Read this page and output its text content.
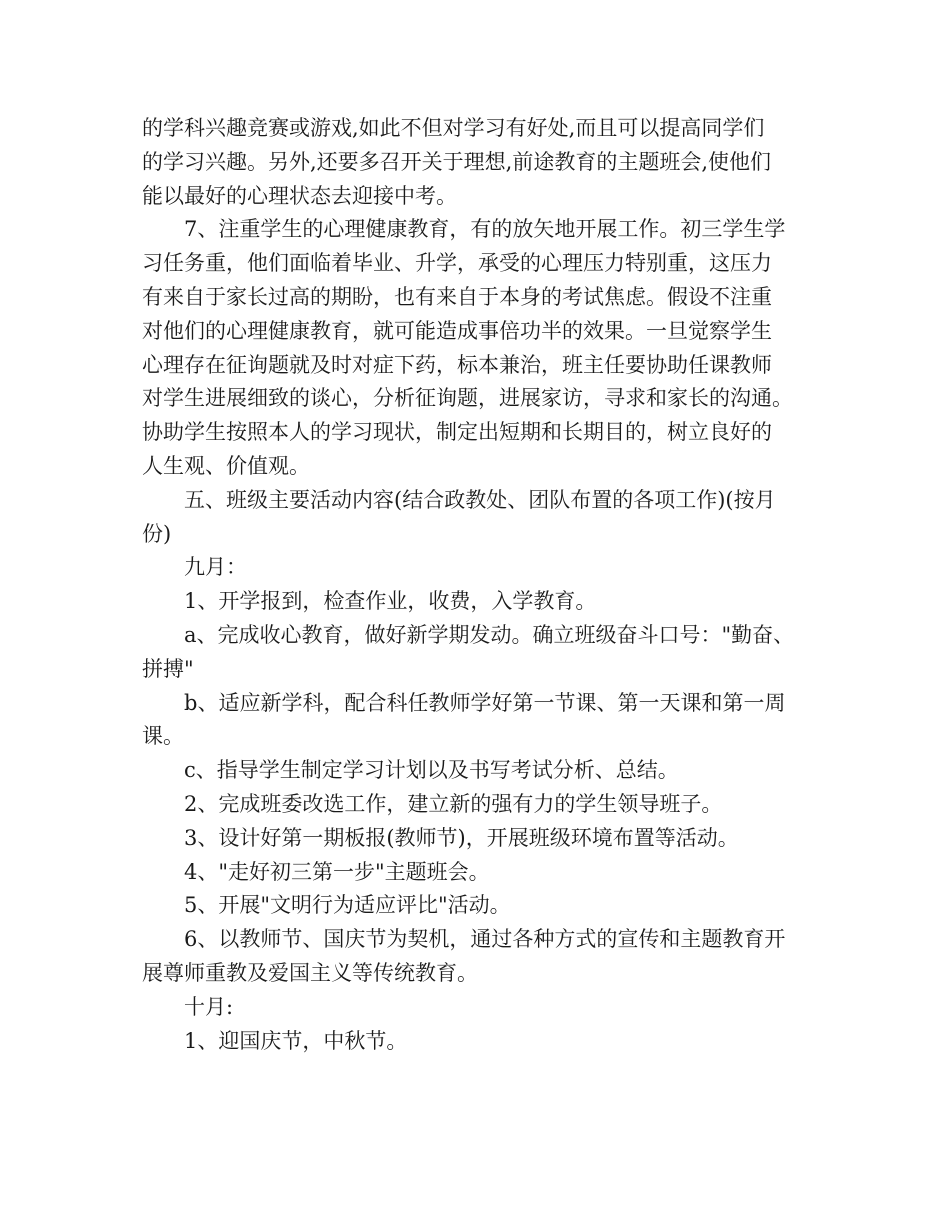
的学科兴趣竞赛或游戏,如此不但对学习有好处,而且可以提高同学们
的学习兴趣。另外,还要多召开关于理想,前途教育的主题班会,使他们
能以最好的心理状态去迎接中考。
7、注重学生的心理健康教育，有的放矢地开展工作。初三学生学
习任务重，他们面临着毕业、升学，承受的心理压力特别重，这压力
有来自于家长过高的期盼，也有来自于本身的考试焦虑。假设不注重
对他们的心理健康教育，就可能造成事倍功半的效果。一旦觉察学生
心理存在征询题就及时对症下药，标本兼治，班主任要协助任课教师
对学生进展细致的谈心，分析征询题，进展家访，寻求和家长的沟通。
协助学生按照本人的学习现状，制定出短期和长期目的，树立良好的
人生观、价值观。
五、班级主要活动内容(结合政教处、团队布置的各项工作)(按月
份)
九月：
1、开学报到，检查作业，收费，入学教育。
a、完成收心教育，做好新学期发动。确立班级奋斗口号："勤奋、
拼搏"
b、适应新学科，配合科任教师学好第一节课、第一天课和第一周
课。
c、指导学生制定学习计划以及书写考试分析、总结。
2、完成班委改选工作，建立新的强有力的学生领导班子。
3、设计好第一期板报(教师节)，开展班级环境布置等活动。
4、"走好初三第一步"主题班会。
5、开展"文明行为适应评比"活动。
6、以教师节、国庆节为契机，通过各种方式的宣传和主题教育开
展尊师重教及爱国主义等传统教育。
十月:
1、迎国庆节，中秋节。
